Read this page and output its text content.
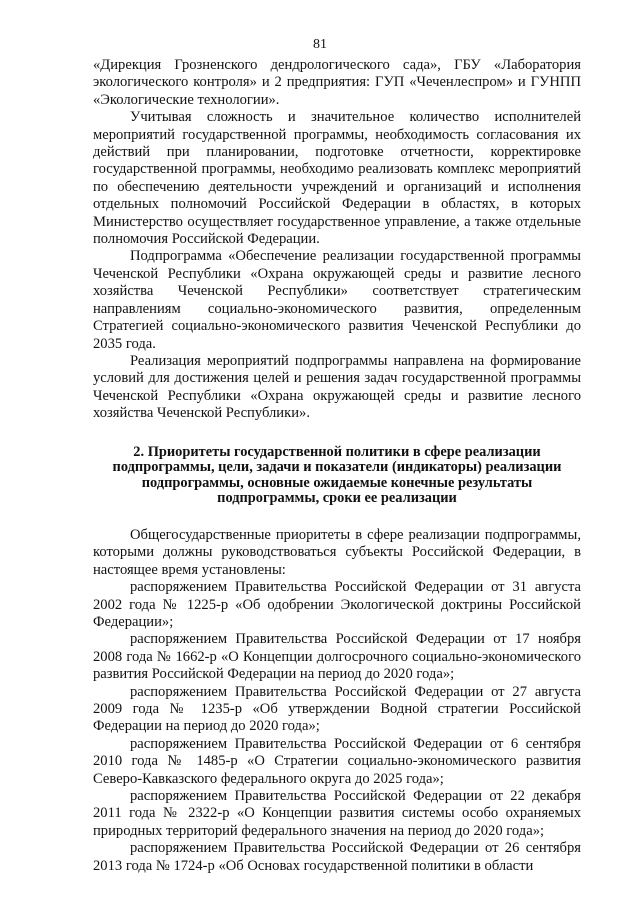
81

«Дирекция Грозненского дендрологического сада», ГБУ «Лаборатория экологического контроля» и 2 предприятия: ГУП «Чеченлеспром» и ГУНПП «Экологические технологии».

Учитывая сложность и значительное количество исполнителей мероприятий государственной программы, необходимость согласования их действий при планировании, подготовке отчетности, корректировке государственной программы, необходимо реализовать комплекс мероприятий по обеспечению деятельности учреждений и организаций и исполнения отдельных полномочий Российской Федерации в областях, в которых Министерство осуществляет государственное управление, а также отдельные полномочия Российской Федерации.

Подпрограмма «Обеспечение реализации государственной программы Чеченской Республики «Охрана окружающей среды и развитие лесного хозяйства Чеченской Республики» соответствует стратегическим направлениям социально-экономического развития, определенным Стратегией социально-экономического развития Чеченской Республики до 2035 года.

Реализация мероприятий подпрограммы направлена на формирование условий для достижения целей и решения задач государственной программы Чеченской Республики «Охрана окружающей среды и развитие лесного хозяйства Чеченской Республики».

2. Приоритеты государственной политики в сфере реализации подпрограммы, цели, задачи и показатели (индикаторы) реализации подпрограммы, основные ожидаемые конечные результаты подпрограммы, сроки ее реализации

Общегосударственные приоритеты в сфере реализации подпрограммы, которыми должны руководствоваться субъекты Российской Федерации, в настоящее время установлены:

распоряжением Правительства Российской Федерации от 31 августа 2002 года № 1225-р «Об одобрении Экологической доктрины Российской Федерации»;

распоряжением Правительства Российской Федерации от 17 ноября 2008 года № 1662-р «О Концепции долгосрочного социально-экономического развития Российской Федерации на период до 2020 года»;

распоряжением Правительства Российской Федерации от 27 августа 2009 года № 1235-р «Об утверждении Водной стратегии Российской Федерации на период до 2020 года»;

распоряжением Правительства Российской Федерации от 6 сентября 2010 года № 1485-р «О Стратегии социально-экономического развития Северо-Кавказского федерального округа до 2025 года»;

распоряжением Правительства Российской Федерации от 22 декабря 2011 года № 2322-р «О Концепции развития системы особо охраняемых природных территорий федерального значения на период до 2020 года»;

распоряжением Правительства Российской Федерации от 26 сентября 2013 года № 1724-р «Об Основах государственной политики в области
